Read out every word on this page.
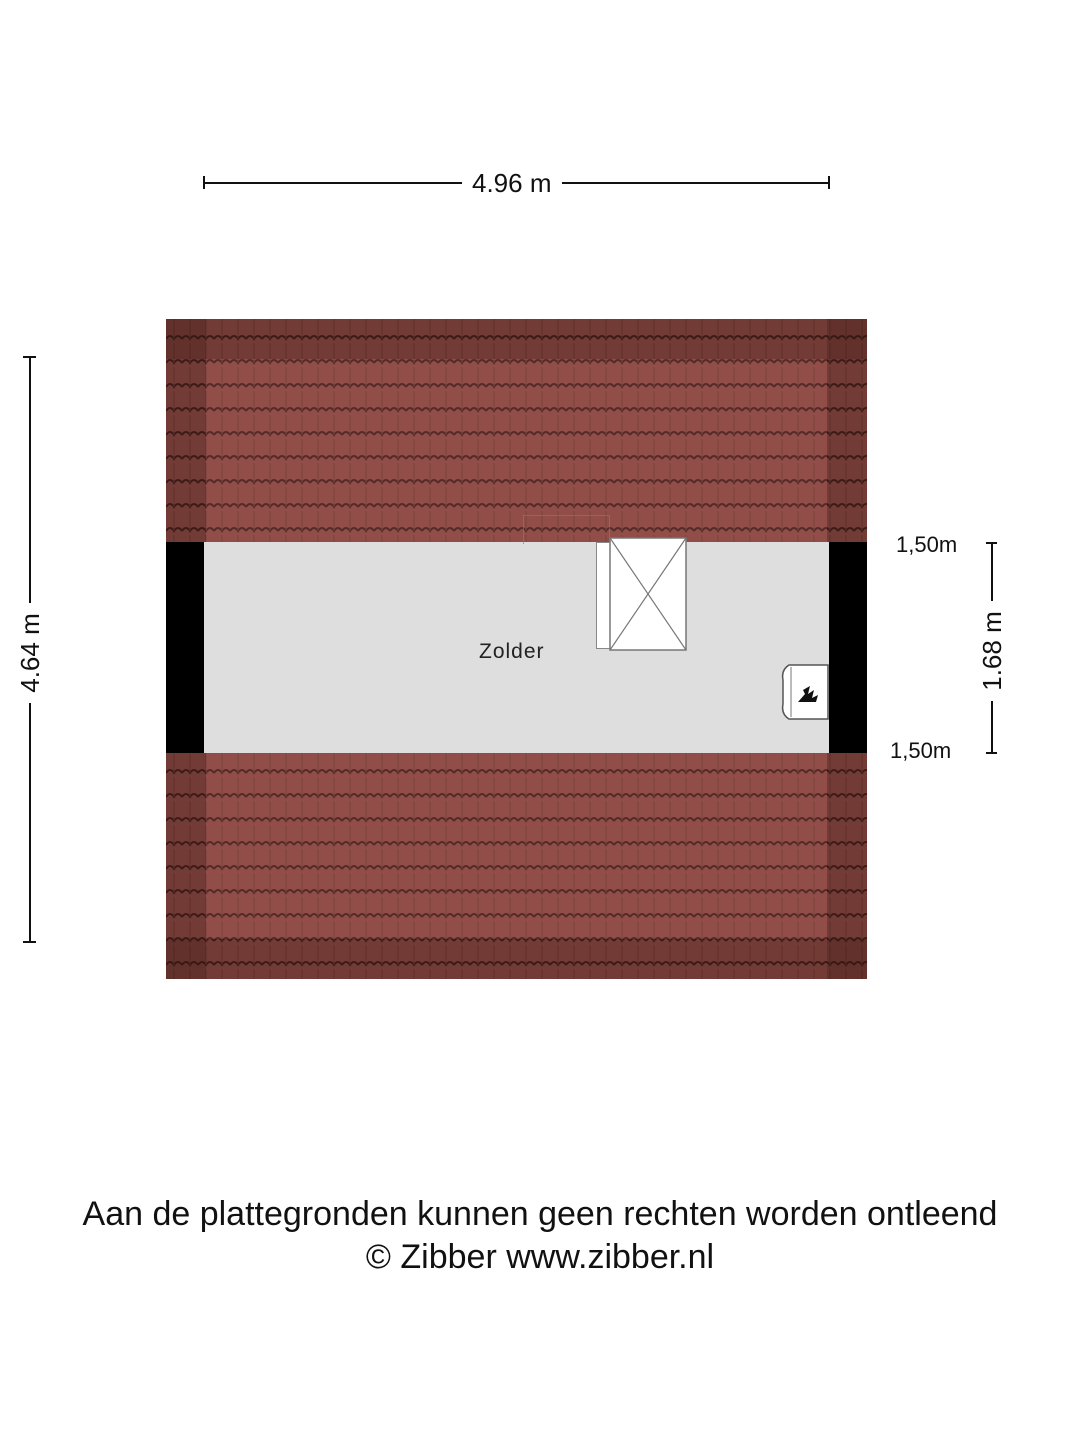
4.96 m
4.64 m	Zolder	1.68 m
1,50m
1,50m
Aan de plattegronden kunnen geen rechten worden ontleend
© Zibber www.zibber.nl
